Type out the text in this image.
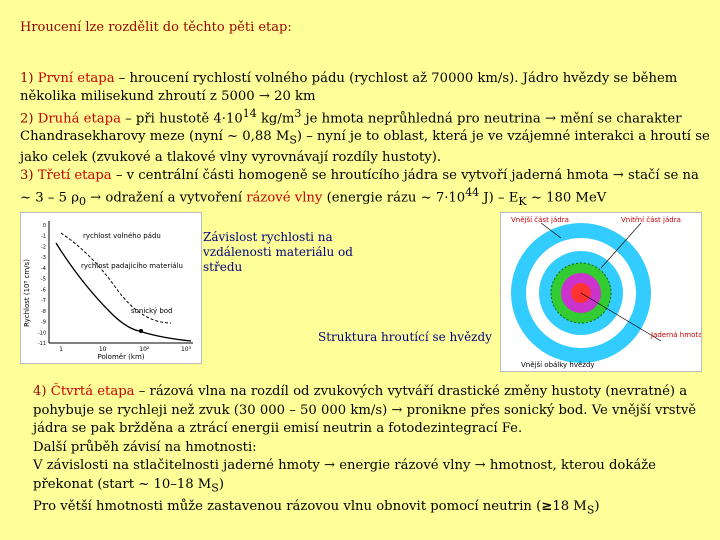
Hroucení lze rozdělit do těchto pěti etap:
1) První etapa – hroucení rychlostí volného pádu (rychlost až 70000 km/s). Jádro hvězdy se během několika milisekund zhroutí z 5000 → 20 km
2) Druhá etapa – při hustotě $4\cdot 10^{14}$ $kg/m^3$ je hmota neprůhledná pro neutrina → mění se charakter Chandrasekharovy meze (nyní ~ 0,88 $M_S$) – nyní je to oblast, která je ve vzájemné interakci a hroutí se jako celek (zvukové a tlakové vlny vyrovnávají rozdíly hustoty).
3) Třetí etapa – v centrální části homogeně se hroutícího jádra se vytvoří jaderná hmota → stačí se na ~ 3 – 5 $\rho_0$ → odražení a vytvoření rázové vlny (energie rázu ~ $7\cdot 10^{44}$ $J) - E_K$ ~ 180 MeV
Rychlost (10⁸ cm/s)
0
-1
-2
-3
-4
-5
-6
-7
-8
-9
-10
-11
1	10	10²	10³
Poloměr (km)
rychlost volného pádu
rychlost padajícího materiálu
sonický bod
Závislost rychlosti na vzdálenosti materiálu od středu
Struktura hroutící se hvězdy
Vnější část jádra	Vnitřní část jádra
Jaderná hmota
Vnější obálky hvězdy
4) Čtvrtá etapa – rázová vlna na rozdíl od zvukových vytváří drastické změny hustoty (nevratné) a pohybuje se rychleji než zvuk (30 000 – 50 000 km/s) → pronikne přes sonický bod. Ve vnější vrstvě jádra se pak bržděna a ztrácí energii emisí neutrin a fotodezintegrací Fe.
Další průběh závisí na hmotnosti:
V závislosti na stlačitelnosti jaderné hmoty → energie rázové vlny → hmotnost, kterou dokáže překonat (start ~ 10–18 $M_S$)
Pro větší hmotnosti může zastavenou rázovou vlnu obnovit pomocí neutrin (≥18 $M_S$)
